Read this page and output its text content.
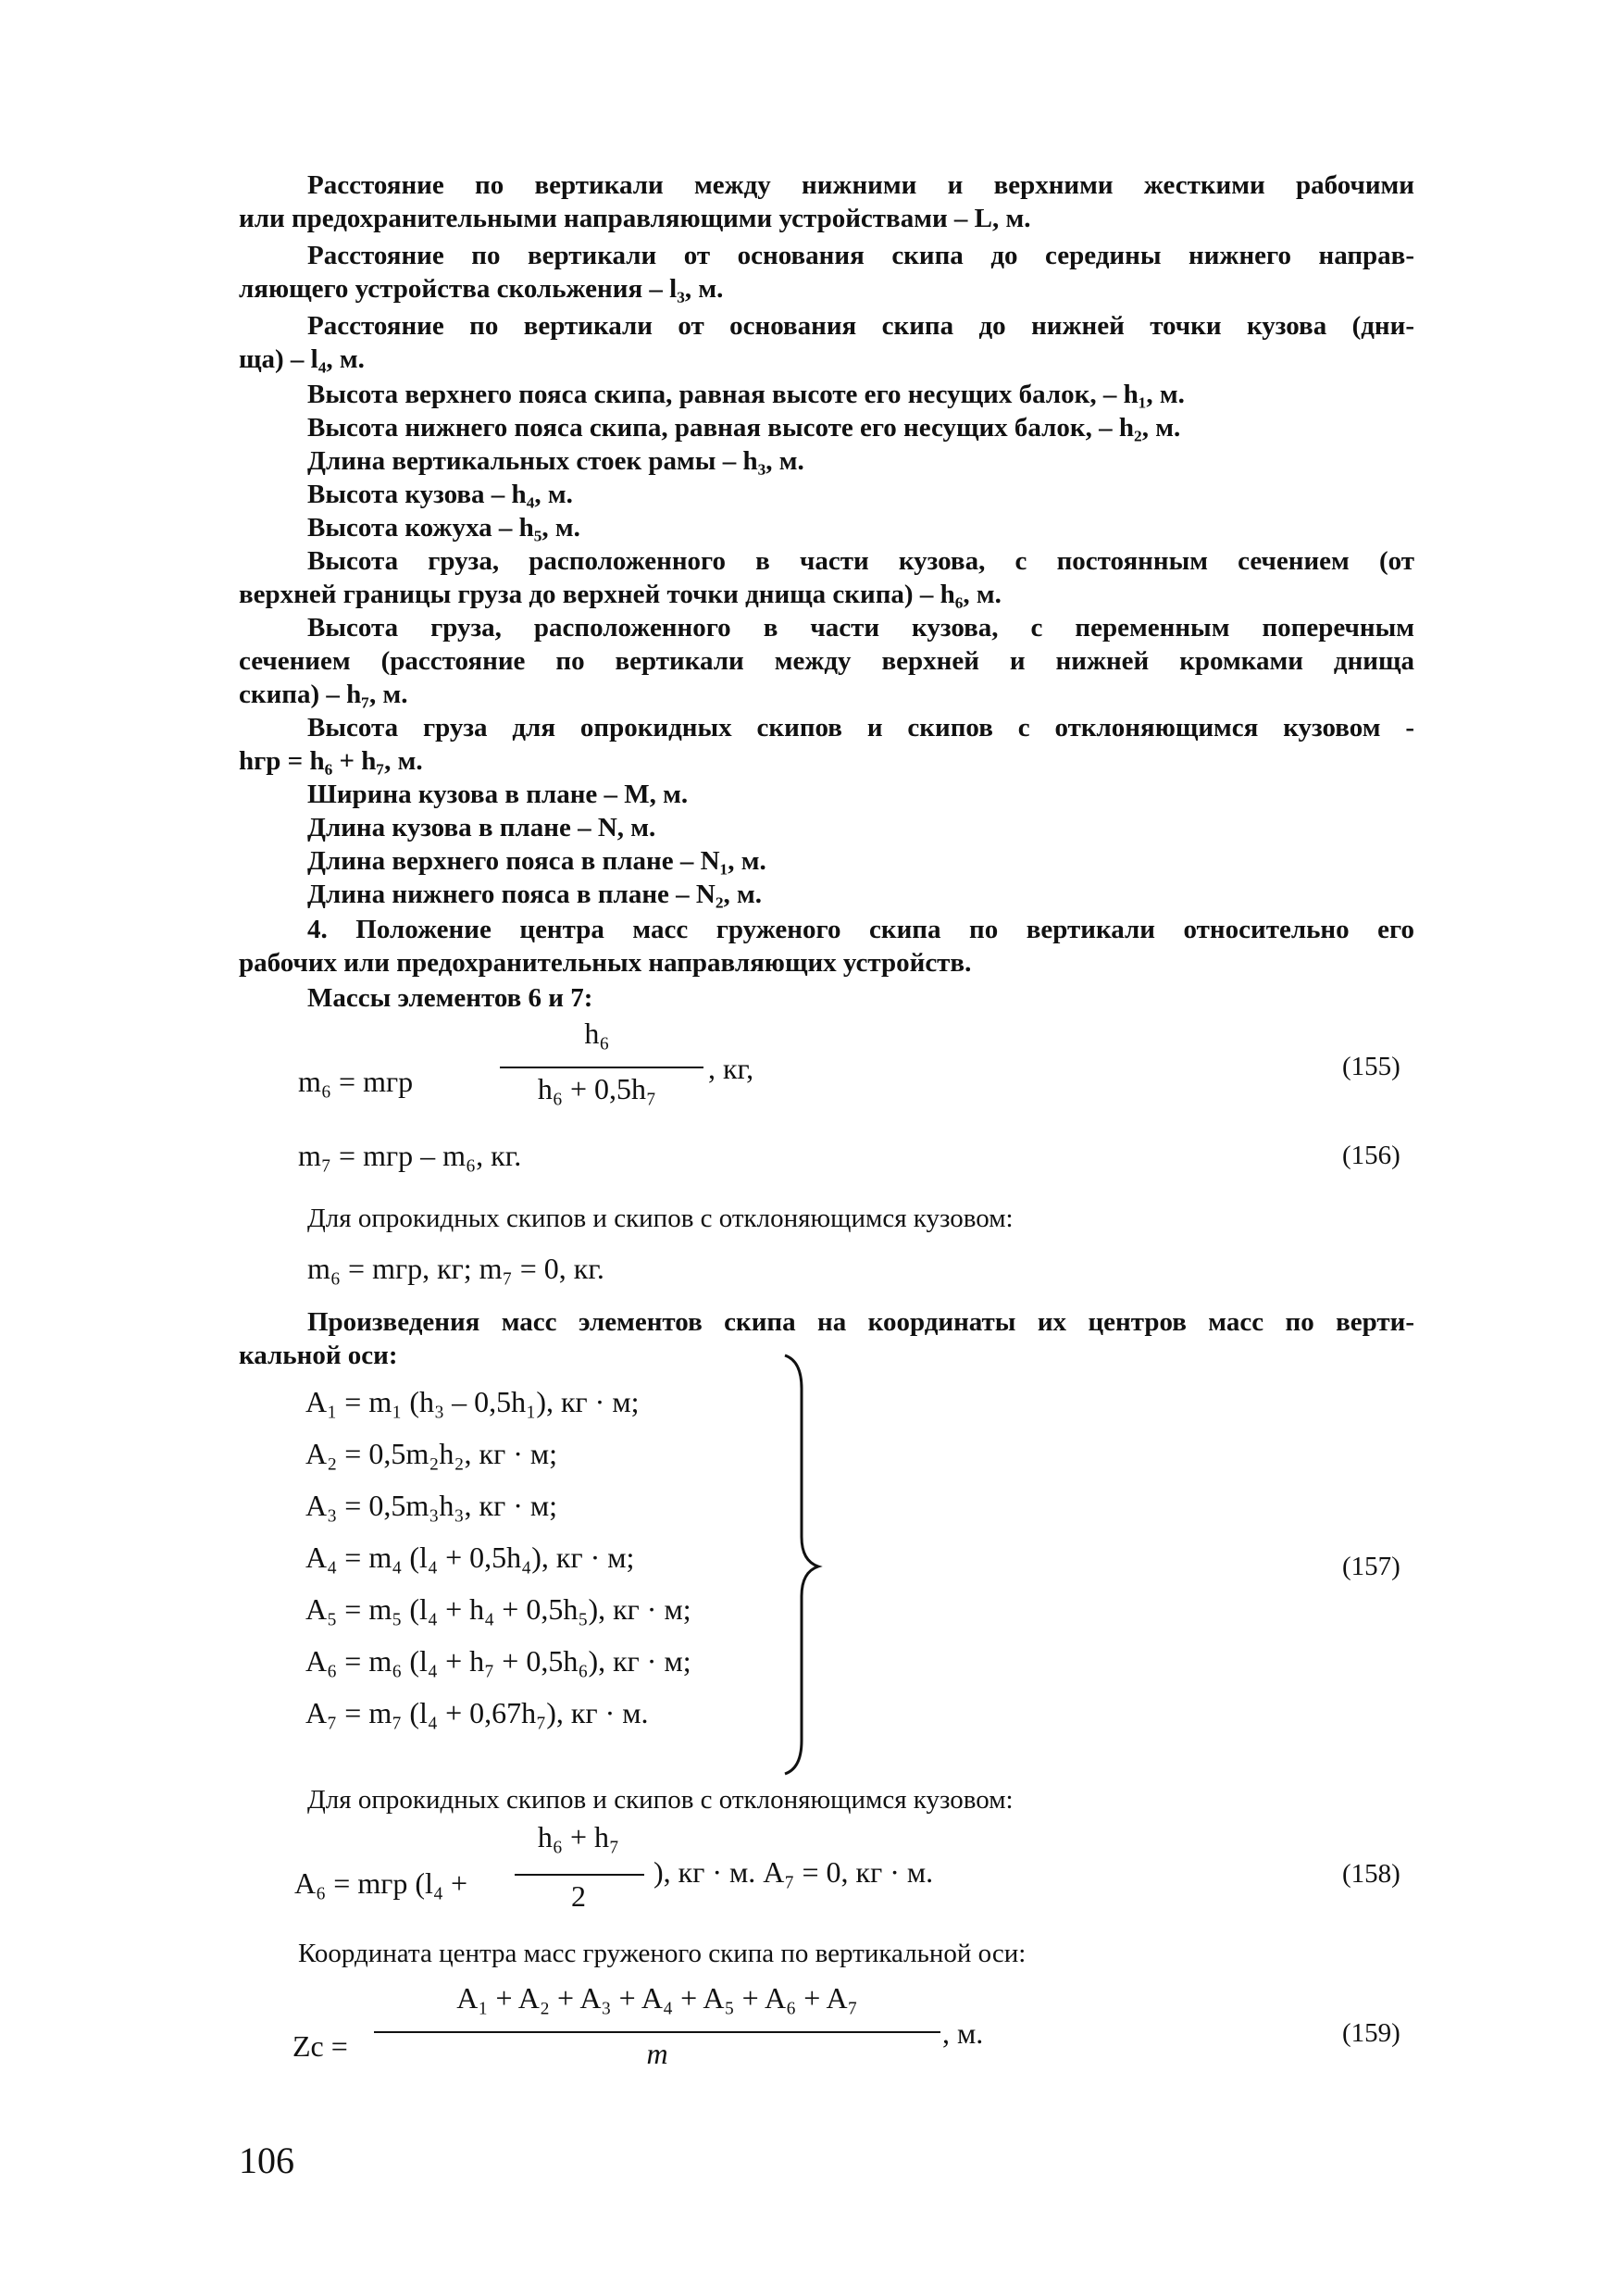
Расстояние по вертикали между нижними и верхними жесткими рабочими
или предохранительными направляющими устройствами – L, м.
Расстояние по вертикали от основания скипа до середины нижнего направ-
ляющего устройства скольжения – l₃, м.
Расстояние по вертикали от основания скипа до нижней точки кузова (дни-
ща) – l₄, м.
Высота верхнего пояса скипа, равная высоте его несущих балок, – h₁, м.
Высота нижнего пояса скипа, равная высоте его несущих балок, – h₂, м.
Длина вертикальных стоек рамы – h₃, м.
Высота кузова – h₄, м.
Высота кожуха – h₅, м.
Высота груза, расположенного в части кузова, с постоянным сечением (от
верхней границы груза до верхней точки днища скипа) – h₆, м.
Высота груза, расположенного в части кузова, с переменным поперечным
сечением (расстояние по вертикали между верхней и нижней кромками днища
скипа) – h₇, м.
Высота груза для опрокидных скипов и скипов с отклоняющимся кузовом -
hгр = h₆ + h₇, м.
Ширина кузова в плане – M, м.
Длина кузова в плане – N, м.
Длина верхнего пояса в плане – N₁, м.
Длина нижнего пояса в плане – N₂, м.
4. Положение центра масс груженого скипа по вертикали относительно его
рабочих или предохранительных направляющих устройств.
Массы элементов 6 и 7:
m₆ = mгр
h₆
h₆ + 0,5h₇
, кг,	(155)
m₇ = mгр – m₆, кг.	(156)
Для опрокидных скипов и скипов с отклоняющимся кузовом:
m₆ = mгр, кг; m₇ = 0, кг.
Произведения масс элементов скипа на координаты их центров масс по верти-
кальной оси:
A₁ = m₁ (h₃ – 0,5h₁), кг · м;
A₂ = 0,5m₂h₂, кг · м;
A₃ = 0,5m₃h₃, кг · м;
A₄ = m₄ (l₄ + 0,5h₄), кг · м;
A₅ = m₅ (l₄ + h₄ + 0,5h₅), кг · м;
A₆ = m₆ (l₄ + h₇ + 0,5h₆), кг · м;
A₇ = m₇ (l₄ + 0,67h₇), кг · м.
(157)
Для опрокидных скипов и скипов с отклоняющимся кузовом:
A₆ = mгр (l₄ +
h₆ + h₇
2
), кг · м. A₇ = 0, кг · м.	(158)
Координата центра масс груженого скипа по вертикальной оси:
Zc =
A₁ + A₂ + A₃ + A₄ + A₅ + A₆ + A₇
m
, м.	(159)
106
